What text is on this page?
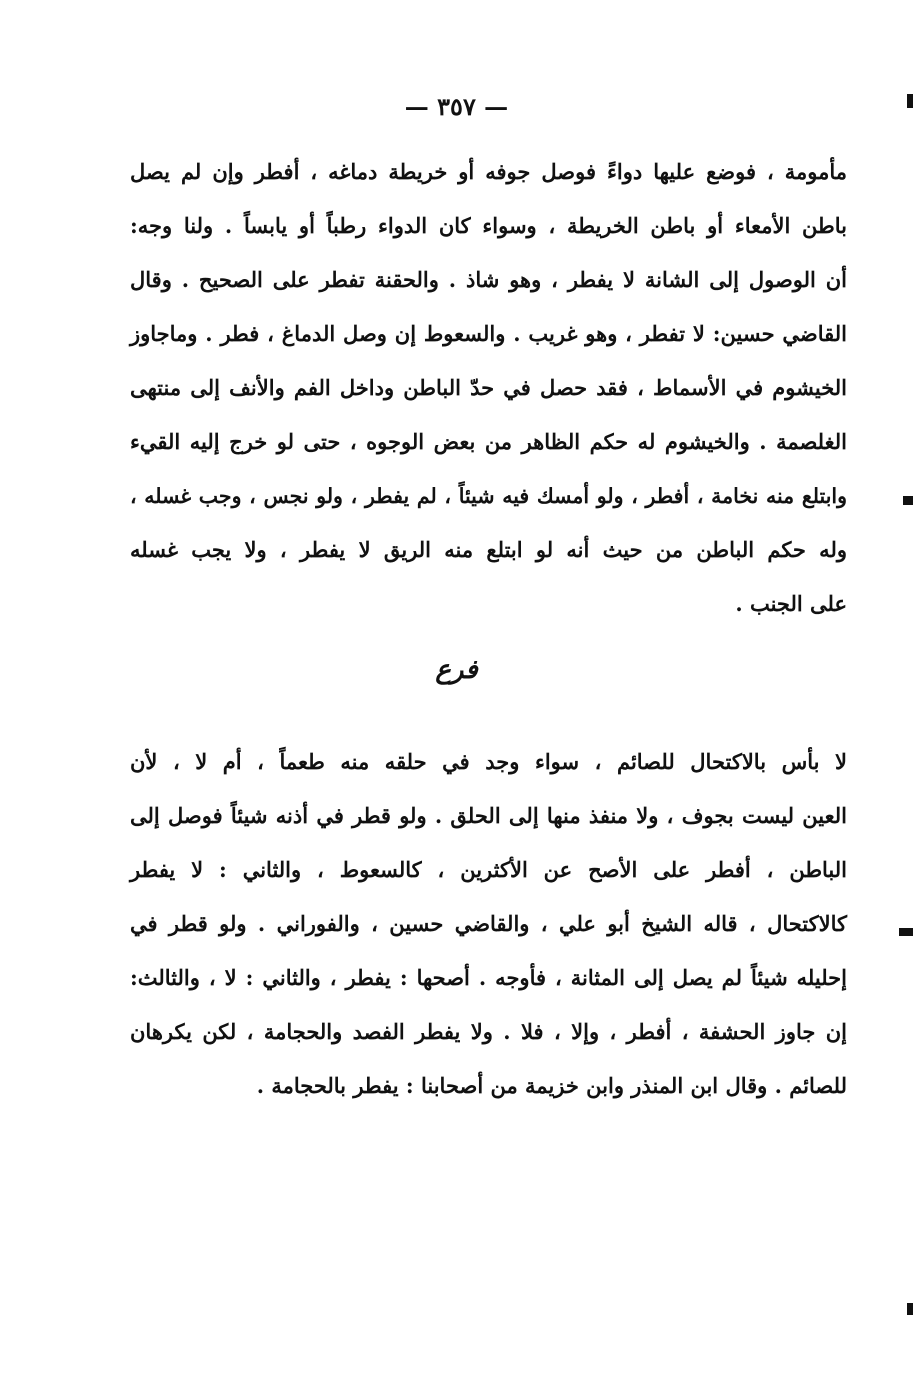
— ٣٥٧ —
مأمومة ، فوضع عليها دواءً فوصل جوفه أو خريطة دماغه ، أفطر وإن لم يصل
باطن الأمعاء أو باطن الخريطة ، وسواء كان الدواء رطباً أو يابساً . ولنا وجه:
أن الوصول إلى الشانة لا يفطر ، وهو شاذ . والحقنة تفطر على الصحيح . وقال
القاضي حسين: لا تفطر ، وهو غريب . والسعوط إن وصل الدماغ ، فطر . وماجاوز
الخيشوم في الأسماط ، فقد حصل في حدّ الباطن وداخل الفم والأنف إلى منتهى
الغلصمة . والخيشوم له حكم الظاهر من بعض الوجوه ، حتى لو خرج إليه القيء
وابتلع منه نخامة ، أفطر ، ولو أمسك فيه شيئاً ، لم يفطر ، ولو نجس ، وجب غسله ،
وله حكم الباطن من حيث أنه لو ابتلع منه الريق لا يفطر ، ولا يجب غسله
على الجنب .
فرع
لا بأس بالاكتحال للصائم ، سواء وجد في حلقه منه طعماً ، أم لا ، لأن
العين ليست بجوف ، ولا منفذ منها إلى الحلق . ولو قطر في أذنه شيئاً فوصل إلى
الباطن ، أفطر على الأصح عن الأكثرين ، كالسعوط ، والثاني : لا يفطر
كالاكتحال ، قاله الشيخ أبو علي ، والقاضي حسين ، والفوراني . ولو قطر في
إحليله شيئاً لم يصل إلى المثانة ، فأوجه . أصحها : يفطر ، والثاني : لا ، والثالث:
إن جاوز الحشفة ، أفطر ، وإلا ، فلا . ولا يفطر الفصد والحجامة ، لكن يكرهان
للصائم . وقال ابن المنذر وابن خزيمة من أصحابنا : يفطر بالحجامة .
